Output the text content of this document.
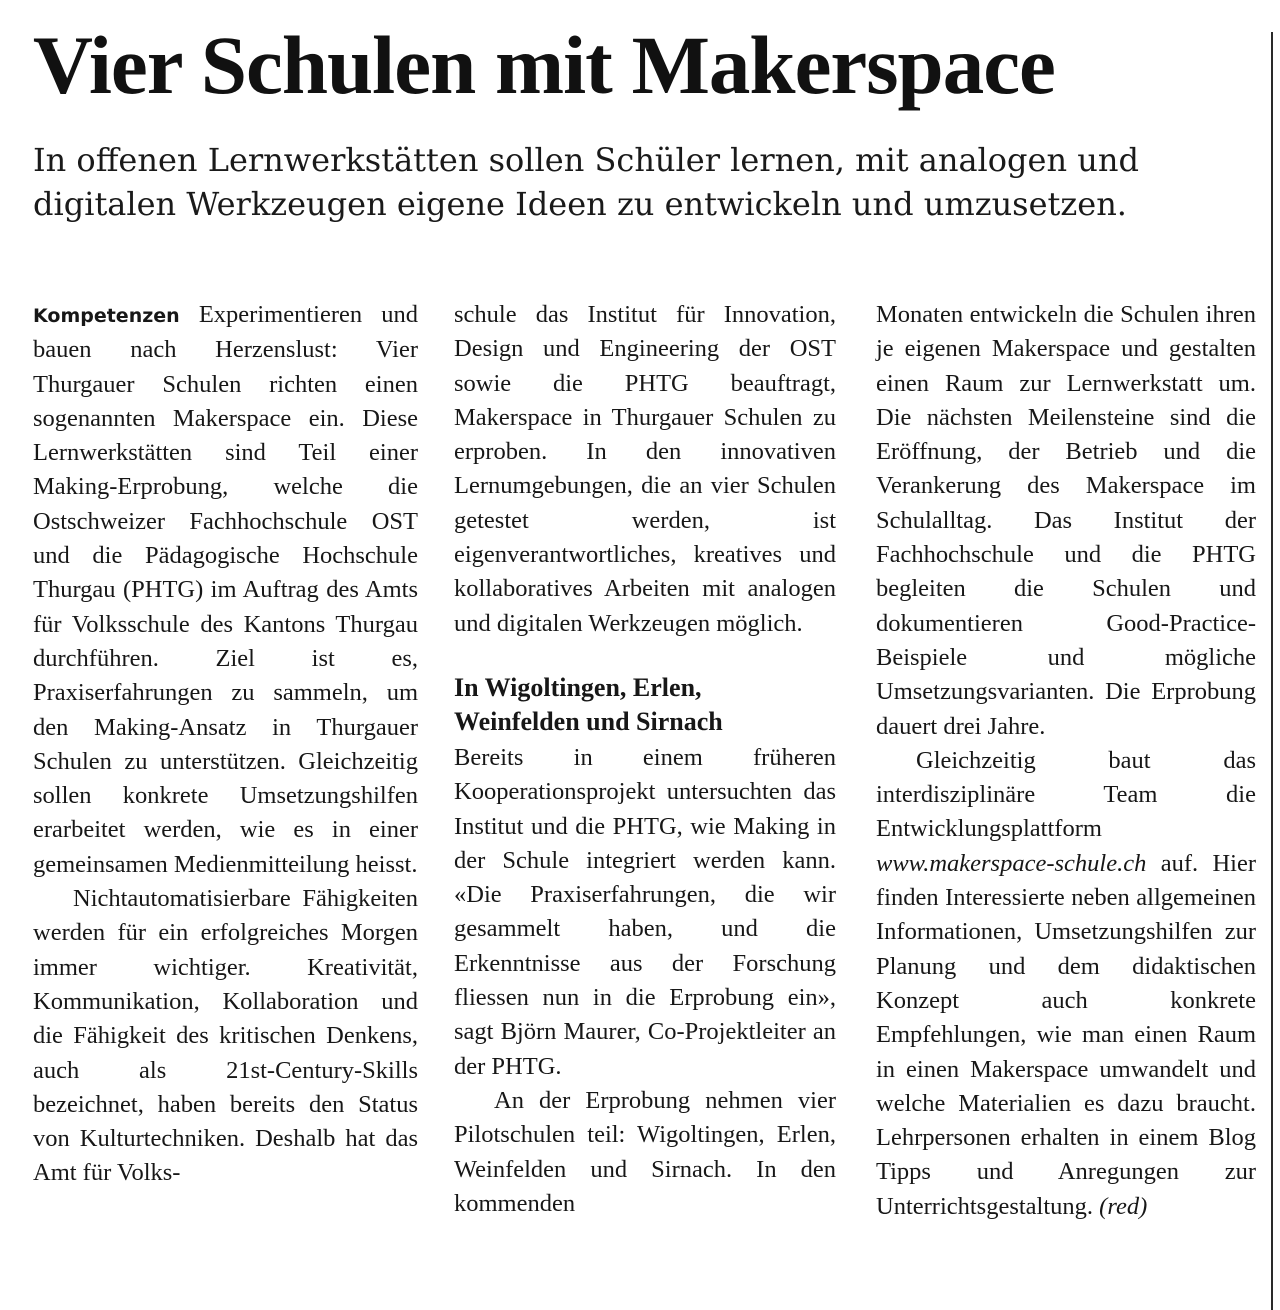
Vier Schulen mit Makerspace
In offenen Lernwerkstätten sollen Schüler lernen, mit analogen und
digitalen Werkzeugen eigene Ideen zu entwickeln und umzusetzen.

Kompetenzen Experimentieren und bauen nach Herzenslust: Vier Thurgauer Schulen richten einen sogenannten Makerspace ein. Diese Lernwerkstätten sind Teil einer Making-Erprobung, welche die Ostschweizer Fachhochschule OST und die Pädagogische Hochschule Thurgau (PHTG) im Auftrag des Amts für Volksschule des Kantons Thurgau durchführen. Ziel ist es, Praxiserfahrungen zu sammeln, um den Making-Ansatz in Thurgauer Schulen zu unterstützen. Gleichzeitig sollen konkrete Umsetzungshilfen erarbeitet werden, wie es in einer gemeinsamen Medienmitteilung heisst.

Nichtautomatisierbare Fähigkeiten werden für ein erfolgreiches Morgen immer wichtiger. Kreativität, Kommunikation, Kollaboration und die Fähigkeit des kritischen Denkens, auch als 21st-Century-Skills bezeichnet, haben bereits den Status von Kulturtechniken. Deshalb hat das Amt für Volks-

schule das Institut für Innovation, Design und Engineering der OST sowie die PHTG beauftragt, Makerspace in Thurgauer Schulen zu erproben. In den innovativen Lernumgebungen, die an vier Schulen getestet werden, ist eigenverantwortliches, kreatives und kollaboratives Arbeiten mit analogen und digitalen Werkzeugen möglich.

In Wigoltingen, Erlen,
Weinfelden und Sirnach

Bereits in einem früheren Kooperationsprojekt untersuchten das Institut und die PHTG, wie Making in der Schule integriert werden kann. «Die Praxiserfahrungen, die wir gesammelt haben, und die Erkenntnisse aus der Forschung fliessen nun in die Erprobung ein», sagt Björn Maurer, Co-Projektleiter an der PHTG.

An der Erprobung nehmen vier Pilotschulen teil: Wigoltingen, Erlen, Weinfelden und Sirnach. In den kommenden

Monaten entwickeln die Schulen ihren je eigenen Makerspace und gestalten einen Raum zur Lernwerkstatt um. Die nächsten Meilensteine sind die Eröffnung, der Betrieb und die Verankerung des Makerspace im Schulalltag. Das Institut der Fachhochschule und die PHTG begleiten die Schulen und dokumentieren Good-Practice-Beispiele und mögliche Umsetzungsvarianten. Die Erprobung dauert drei Jahre.

Gleichzeitig baut das interdisziplinäre Team die Entwicklungsplattform www.makerspace-schule.ch auf. Hier finden Interessierte neben allgemeinen Informationen, Umsetzungshilfen zur Planung und dem didaktischen Konzept auch konkrete Empfehlungen, wie man einen Raum in einen Makerspace umwandelt und welche Materialien es dazu braucht. Lehrpersonen erhalten in einem Blog Tipps und Anregungen zur Unterrichtsgestaltung. (red)
